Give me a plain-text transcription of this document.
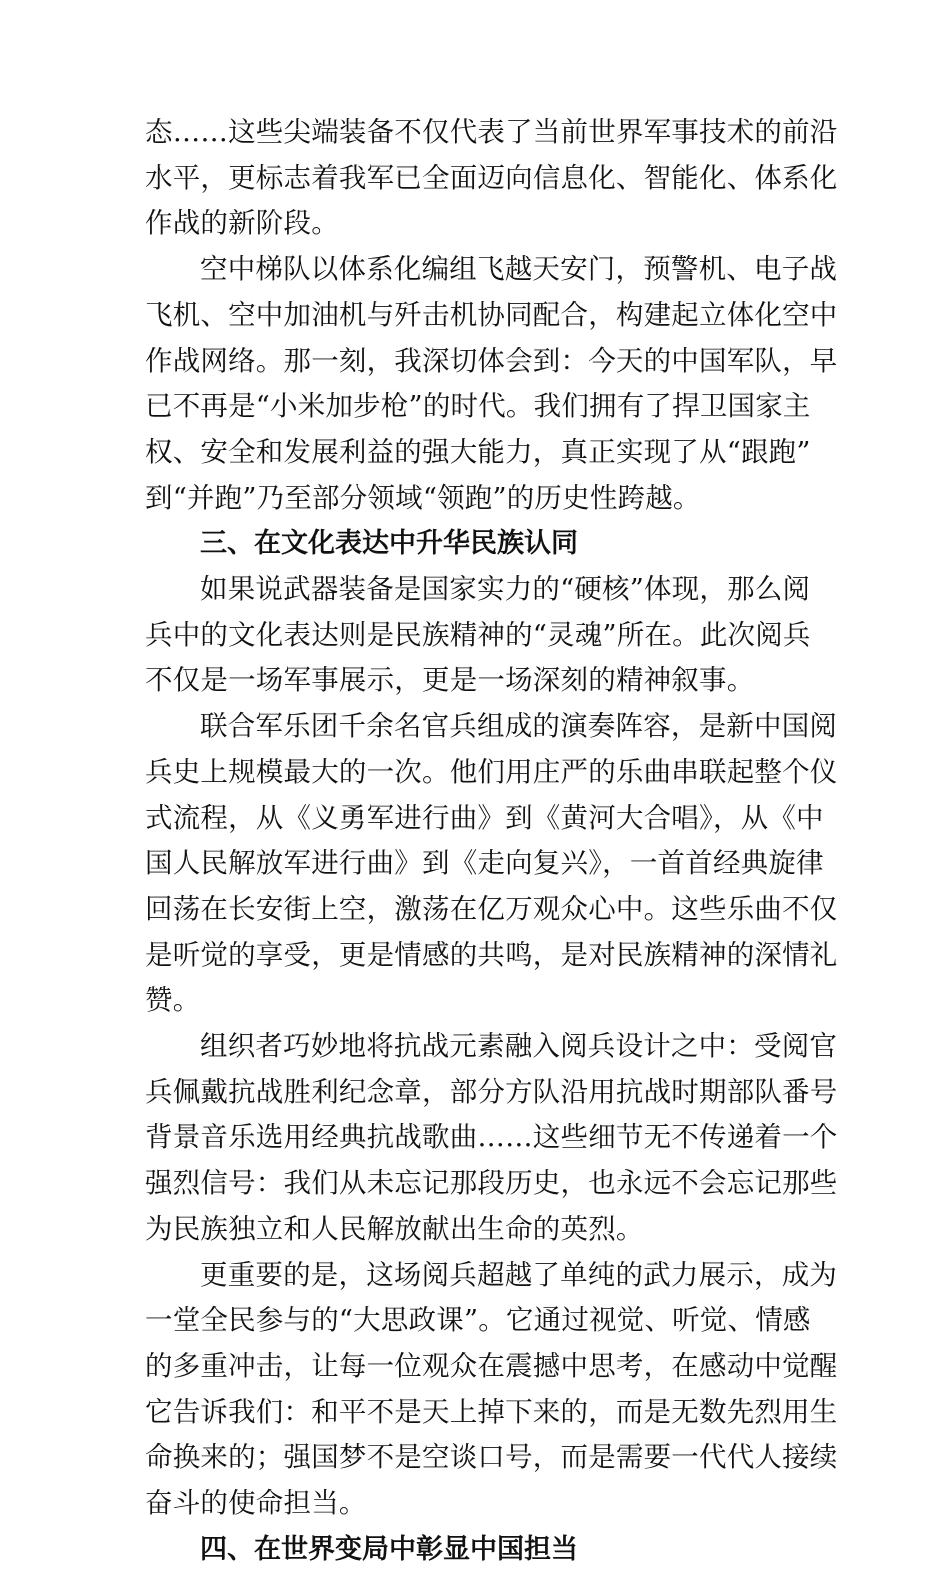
态……这些尖端装备不仅代表了当前世界军事技术的前沿
水平，更标志着我军已全面迈向信息化、智能化、体系化
作战的新阶段。

空中梯队以体系化编组飞越天安门，预警机、电子战
飞机、空中加油机与歼击机协同配合，构建起立体化空中
作战网络。那一刻，我深切体会到：今天的中国军队，早
已不再是“小米加步枪”的时代。我们拥有了捍卫国家主
权、安全和发展利益的强大能力，真正实现了从“跟跑”
到“并跑”乃至部分领域“领跑”的历史性跨越。

三、在文化表达中升华民族认同

如果说武器装备是国家实力的“硬核”体现，那么阅
兵中的文化表达则是民族精神的“灵魂”所在。此次阅兵
不仅是一场军事展示，更是一场深刻的精神叙事。

联合军乐团千余名官兵组成的演奏阵容，是新中国阅
兵史上规模最大的一次。他们用庄严的乐曲串联起整个仪
式流程，从《义勇军进行曲》到《黄河大合唱》，从《中
国人民解放军进行曲》到《走向复兴》，一首首经典旋律
回荡在长安街上空，激荡在亿万观众心中。这些乐曲不仅
是听觉的享受，更是情感的共鸣，是对民族精神的深情礼
赞。

组织者巧妙地将抗战元素融入阅兵设计之中：受阅官
兵佩戴抗战胜利纪念章，部分方队沿用抗战时期部队番号
背景音乐选用经典抗战歌曲……这些细节无不传递着一个
强烈信号：我们从未忘记那段历史，也永远不会忘记那些
为民族独立和人民解放献出生命的英烈。

更重要的是，这场阅兵超越了单纯的武力展示，成为
一堂全民参与的“大思政课”。它通过视觉、听觉、情感
的多重冲击，让每一位观众在震撼中思考，在感动中觉醒
它告诉我们：和平不是天上掉下来的，而是无数先烈用生
命换来的；强国梦不是空谈口号，而是需要一代代人接续
奋斗的使命担当。

四、在世界变局中彰显中国担当
